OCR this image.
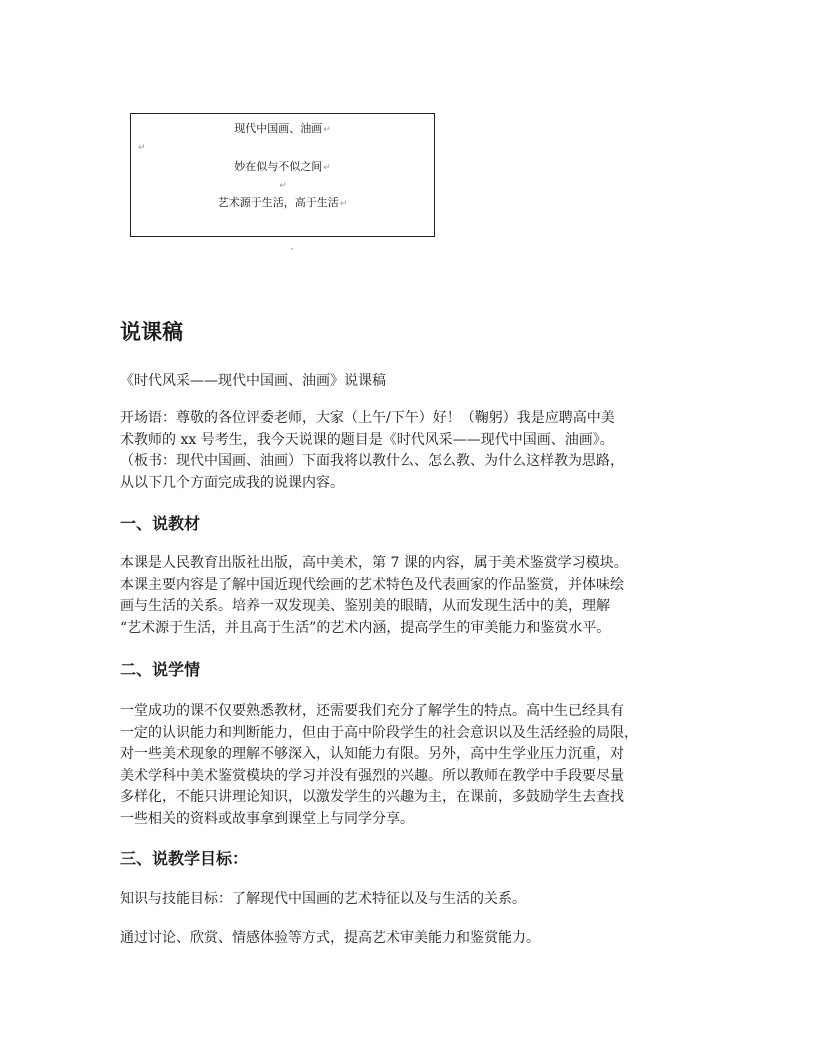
现代中国画、油画↵
↵
妙在似与不似之间↵
↵
艺术源于生活，高于生活↵
说课稿

《时代风采——现代中国画、油画》说课稿

开场语：尊敬的各位评委老师，大家（上午/下午）好！（鞠躬）我是应聘高中美
术教师的 xx 号考生，我今天说课的题目是《时代风采——现代中国画、油画》。
（板书：现代中国画、油画）下面我将以教什么、怎么教、为什么这样教为思路，
从以下几个方面完成我的说课内容。

一、说教材

本课是人民教育出版社出版，高中美术，第 7 课的内容，属于美术鉴赏学习模块。
本课主要内容是了解中国近现代绘画的艺术特色及代表画家的作品鉴赏，并体味绘
画与生活的关系。培养一双发现美、鉴别美的眼睛，从而发现生活中的美，理解
“艺术源于生活，并且高于生活”的艺术内涵，提高学生的审美能力和鉴赏水平。

二、说学情

一堂成功的课不仅要熟悉教材，还需要我们充分了解学生的特点。高中生已经具有
一定的认识能力和判断能力，但由于高中阶段学生的社会意识以及生活经验的局限，
对一些美术现象的理解不够深入，认知能力有限。另外，高中生学业压力沉重，对
美术学科中美术鉴赏模块的学习并没有强烈的兴趣。所以教师在教学中手段要尽量
多样化，不能只讲理论知识，以激发学生的兴趣为主，在课前，多鼓励学生去查找
一些相关的资料或故事拿到课堂上与同学分享。

三、说教学目标：

知识与技能目标：了解现代中国画的艺术特征以及与生活的关系。

通过讨论、欣赏、情感体验等方式，提高艺术审美能力和鉴赏能力。
